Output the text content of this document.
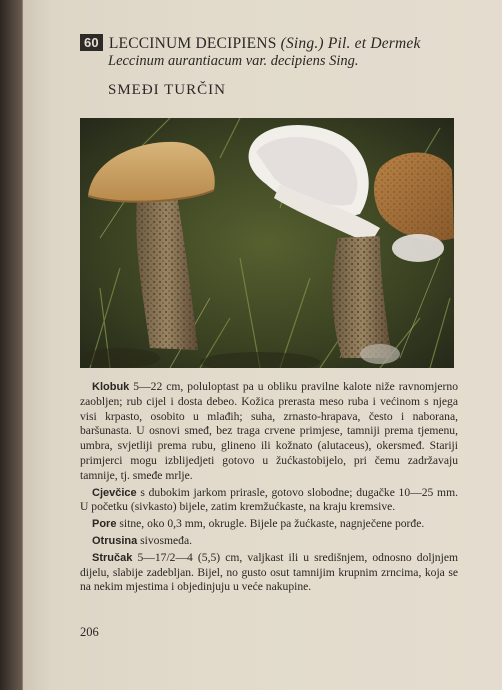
60 LECCINUM DECIPIENS (Sing.) Pil. et Dermek
Leccinum aurantiacum var. decipiens Sing.
SMEĐI TURČIN

Klobuk 5—22 cm, poluloptast pa u obliku pravilne kalote niže ravnomjerno zaobljen; rub cijel i dosta debeo. Kožica prerasta meso ruba i većinom s njega visi krpasto, osobito u mlađih; suha, zrnasto-hrapava, često i naborana, baršunasta. U osnovi smeđ, bez traga crvene primjese, tamniji prema tjemenu, umbra, svjetliji prema rubu, glineno ili kožnato (alutaceus), okersmeđ. Stariji primjerci mogu izblijedjeti gotovo u žućkastobijelo, pri čemu zadržavaju tamnije, tj. smeđe mrlje.

Cjevčice s dubokim jarkom prirasle, gotovo slobodne; dugačke 10—25 mm. U početku (sivkasto) bijele, zatim kremžućkaste, na kraju kremsive.

Pore sitne, oko 0,3 mm, okrugle. Bijele pa žućkaste, nagnječene porđe.

Otrusina sivosmeđa.

Stručak 5—17/2—4 (5,5) cm, valjkast ili u središnjem, odnosno doljnjem dijelu, slabije zadebljan. Bijel, no gusto osut tamnijim krupnim zrncima, koja se na nekim mjestima i objedinjuju u veće nakupine.

206
